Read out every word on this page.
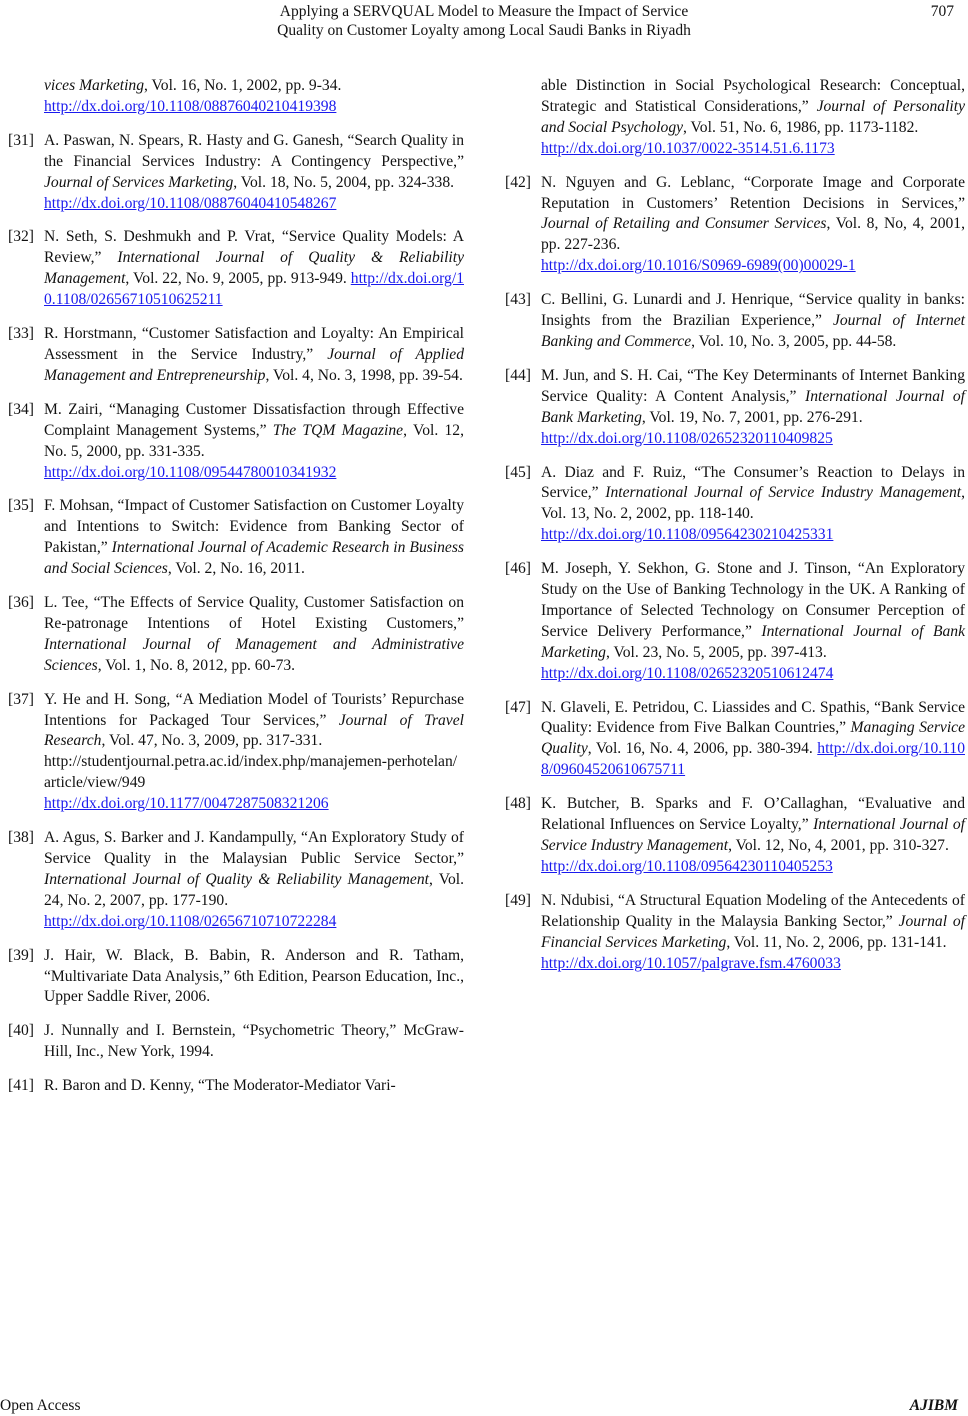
Applying a SERVQUAL Model to Measure the Impact of Service
Quality on Customer Loyalty among Local Saudi Banks in Riyadh
707
vices Marketing, Vol. 16, No. 1, 2002, pp. 9-34.
http://dx.doi.org/10.1108/08876040210419398
[31] A. Paswan, N. Spears, R. Hasty and G. Ganesh, “Search Quality in the Financial Services Industry: A Contingency Perspective,” Journal of Services Marketing, Vol. 18, No. 5, 2004, pp. 324-338.
http://dx.doi.org/10.1108/08876040410548267
[32] N. Seth, S. Deshmukh and P. Vrat, “Service Quality Models: A Review,” International Journal of Quality & Reliability Management, Vol. 22, No. 9, 2005, pp. 913-949. http://dx.doi.org/10.1108/02656710510625211
[33] R. Horstmann, “Customer Satisfaction and Loyalty: An Empirical Assessment in the Service Industry,” Journal of Applied Management and Entrepreneurship, Vol. 4, No. 3, 1998, pp. 39-54.
[34] M. Zairi, “Managing Customer Dissatisfaction through Effective Complaint Management Systems,” The TQM Magazine, Vol. 12, No. 5, 2000, pp. 331-335.
http://dx.doi.org/10.1108/09544780010341932
[35] F. Mohsan, “Impact of Customer Satisfaction on Customer Loyalty and Intentions to Switch: Evidence from Banking Sector of Pakistan,” International Journal of Academic Research in Business and Social Sciences, Vol. 2, No. 16, 2011.
[36] L. Tee, “The Effects of Service Quality, Customer Satisfaction on Re-patronage Intentions of Hotel Existing Customers,” International Journal of Management and Administrative Sciences, Vol. 1, No. 8, 2012, pp. 60-73.
[37] Y. He and H. Song, “A Mediation Model of Tourists’ Repurchase Intentions for Packaged Tour Services,” Journal of Travel Research, Vol. 47, No. 3, 2009, pp. 317-331.
http://studentjournal.petra.ac.id/index.php/manajemen-perhotelan/article/view/949
http://dx.doi.org/10.1177/0047287508321206
[38] A. Agus, S. Barker and J. Kandampully, “An Exploratory Study of Service Quality in the Malaysian Public Service Sector,” International Journal of Quality & Reliability Management, Vol. 24, No. 2, 2007, pp. 177-190.
http://dx.doi.org/10.1108/02656710710722284
[39] J. Hair, W. Black, B. Babin, R. Anderson and R. Tatham, “Multivariate Data Analysis,” 6th Edition, Pearson Education, Inc., Upper Saddle River, 2006.
[40] J. Nunnally and I. Bernstein, “Psychometric Theory,” McGraw-Hill, Inc., New York, 1994.
[41] R. Baron and D. Kenny, “The Moderator-Mediator Vari-
able Distinction in Social Psychological Research: Conceptual, Strategic and Statistical Considerations,” Journal of Personality and Social Psychology, Vol. 51, No. 6, 1986, pp. 1173-1182.
http://dx.doi.org/10.1037/0022-3514.51.6.1173
[42] N. Nguyen and G. Leblanc, “Corporate Image and Corporate Reputation in Customers’ Retention Decisions in Services,” Journal of Retailing and Consumer Services, Vol. 8, No, 4, 2001, pp. 227-236.
http://dx.doi.org/10.1016/S0969-6989(00)00029-1
[43] C. Bellini, G. Lunardi and J. Henrique, “Service quality in banks: Insights from the Brazilian Experience,” Journal of Internet Banking and Commerce, Vol. 10, No. 3, 2005, pp. 44-58.
[44] M. Jun, and S. H. Cai, “The Key Determinants of Internet Banking Service Quality: A Content Analysis,” International Journal of Bank Marketing, Vol. 19, No. 7, 2001, pp. 276-291.
http://dx.doi.org/10.1108/02652320110409825
[45] A. Diaz and F. Ruiz, “The Consumer’s Reaction to Delays in Service,” International Journal of Service Industry Management, Vol. 13, No. 2, 2002, pp. 118-140.
http://dx.doi.org/10.1108/09564230210425331
[46] M. Joseph, Y. Sekhon, G. Stone and J. Tinson, “An Exploratory Study on the Use of Banking Technology in the UK. A Ranking of Importance of Selected Technology on Consumer Perception of Service Delivery Performance,” International Journal of Bank Marketing, Vol. 23, No. 5, 2005, pp. 397-413.
http://dx.doi.org/10.1108/02652320510612474
[47] N. Glaveli, E. Petridou, C. Liassides and C. Spathis, “Bank Service Quality: Evidence from Five Balkan Countries,” Managing Service Quality, Vol. 16, No. 4, 2006, pp. 380-394. http://dx.doi.org/10.1108/09604520610675711
[48] K. Butcher, B. Sparks and F. O’Callaghan, “Evaluative and Relational Influences on Service Loyalty,” International Journal of Service Industry Management, Vol. 12, No, 4, 2001, pp. 310-327.
http://dx.doi.org/10.1108/09564230110405253
[49] N. Ndubisi, “A Structural Equation Modeling of the Antecedents of Relationship Quality in the Malaysia Banking Sector,” Journal of Financial Services Marketing, Vol. 11, No. 2, 2006, pp. 131-141.
http://dx.doi.org/10.1057/palgrave.fsm.4760033
Open Access	AJIBM
